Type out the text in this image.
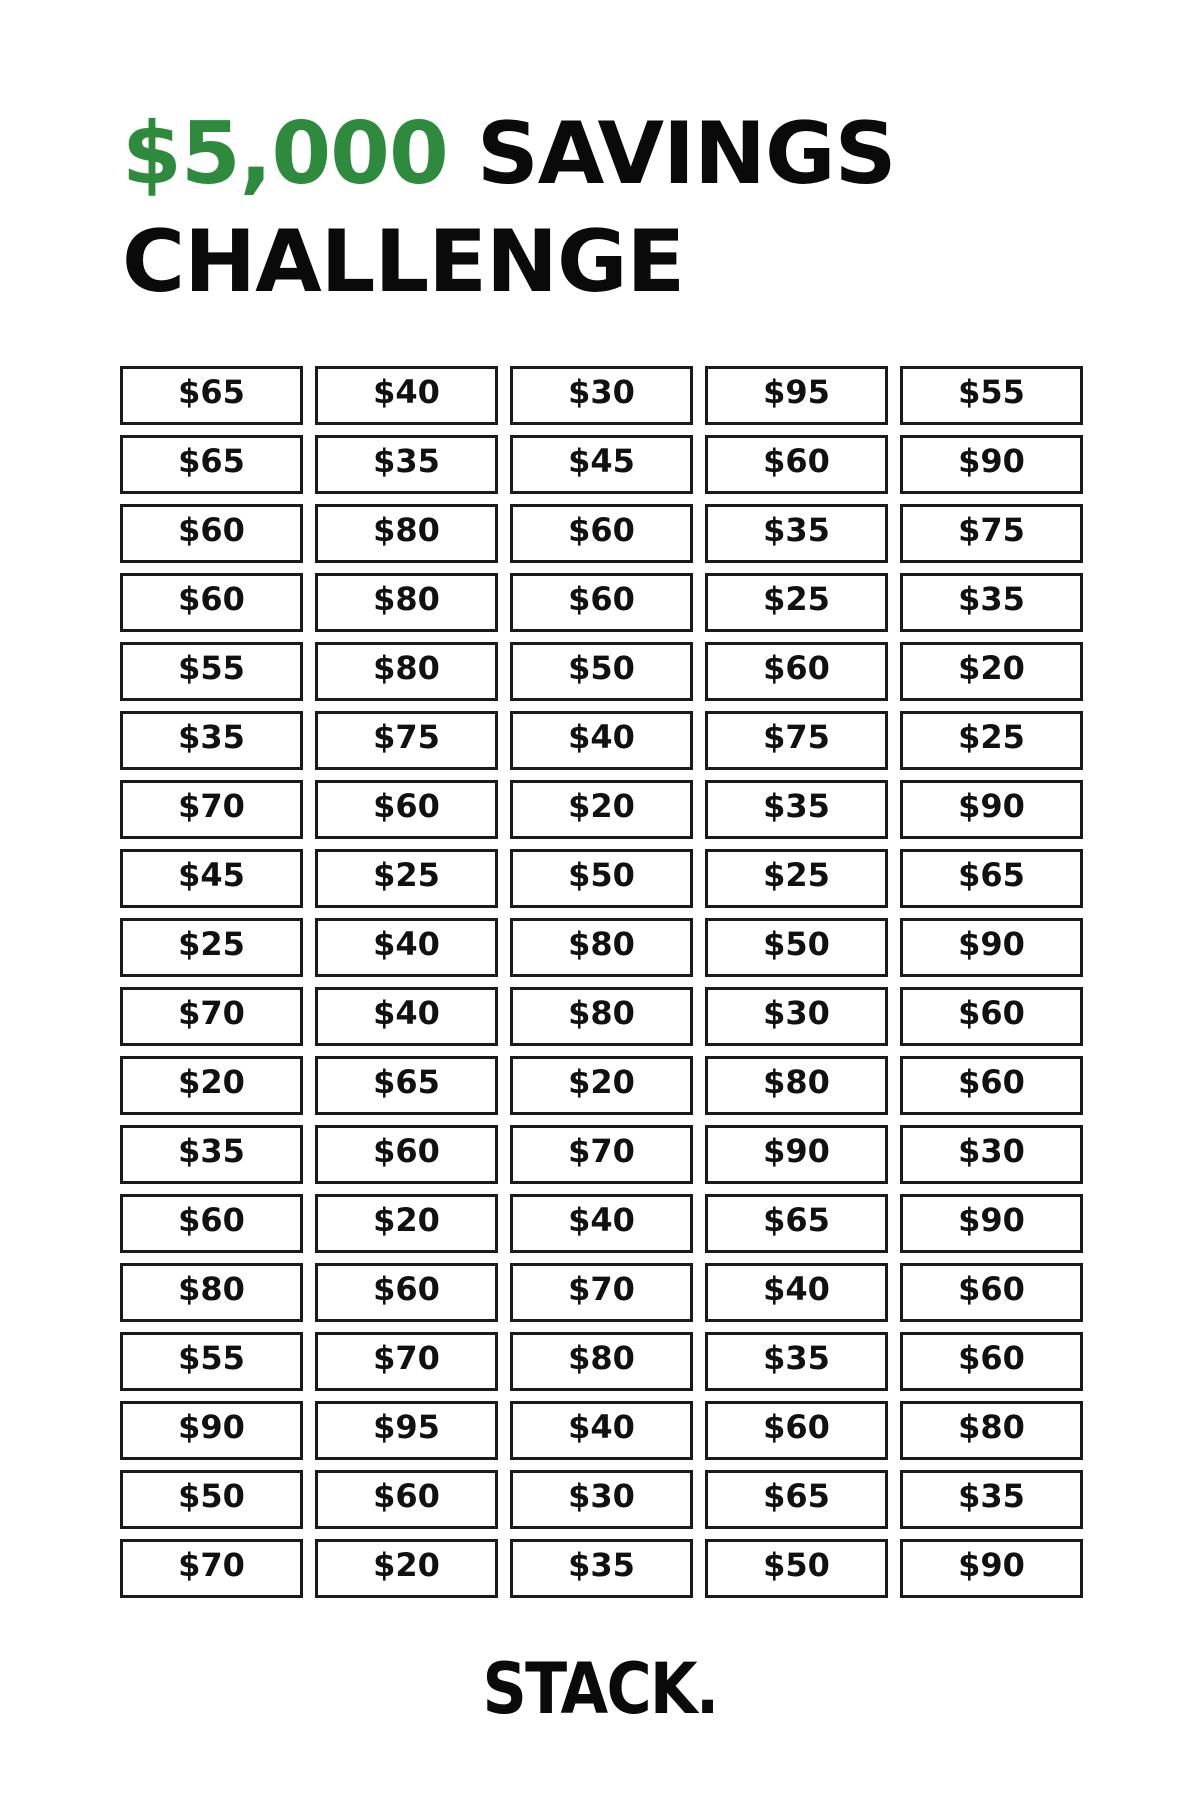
$5,000 SAVINGS
CHALLENGE
$65	$40	$30	$95	$55
$65	$35	$45	$60	$90
$60	$80	$60	$35	$75
$60	$80	$60	$25	$35
$55	$80	$50	$60	$20
$35	$75	$40	$75	$25
$70	$60	$20	$35	$90
$45	$25	$50	$25	$65
$25	$40	$80	$50	$90
$70	$40	$80	$30	$60
$20	$65	$20	$80	$60
$35	$60	$70	$90	$30
$60	$20	$40	$65	$90
$80	$60	$70	$40	$60
$55	$70	$80	$35	$60
$90	$95	$40	$60	$80
$50	$60	$30	$65	$35
$70	$20	$35	$50	$90
STACK.
